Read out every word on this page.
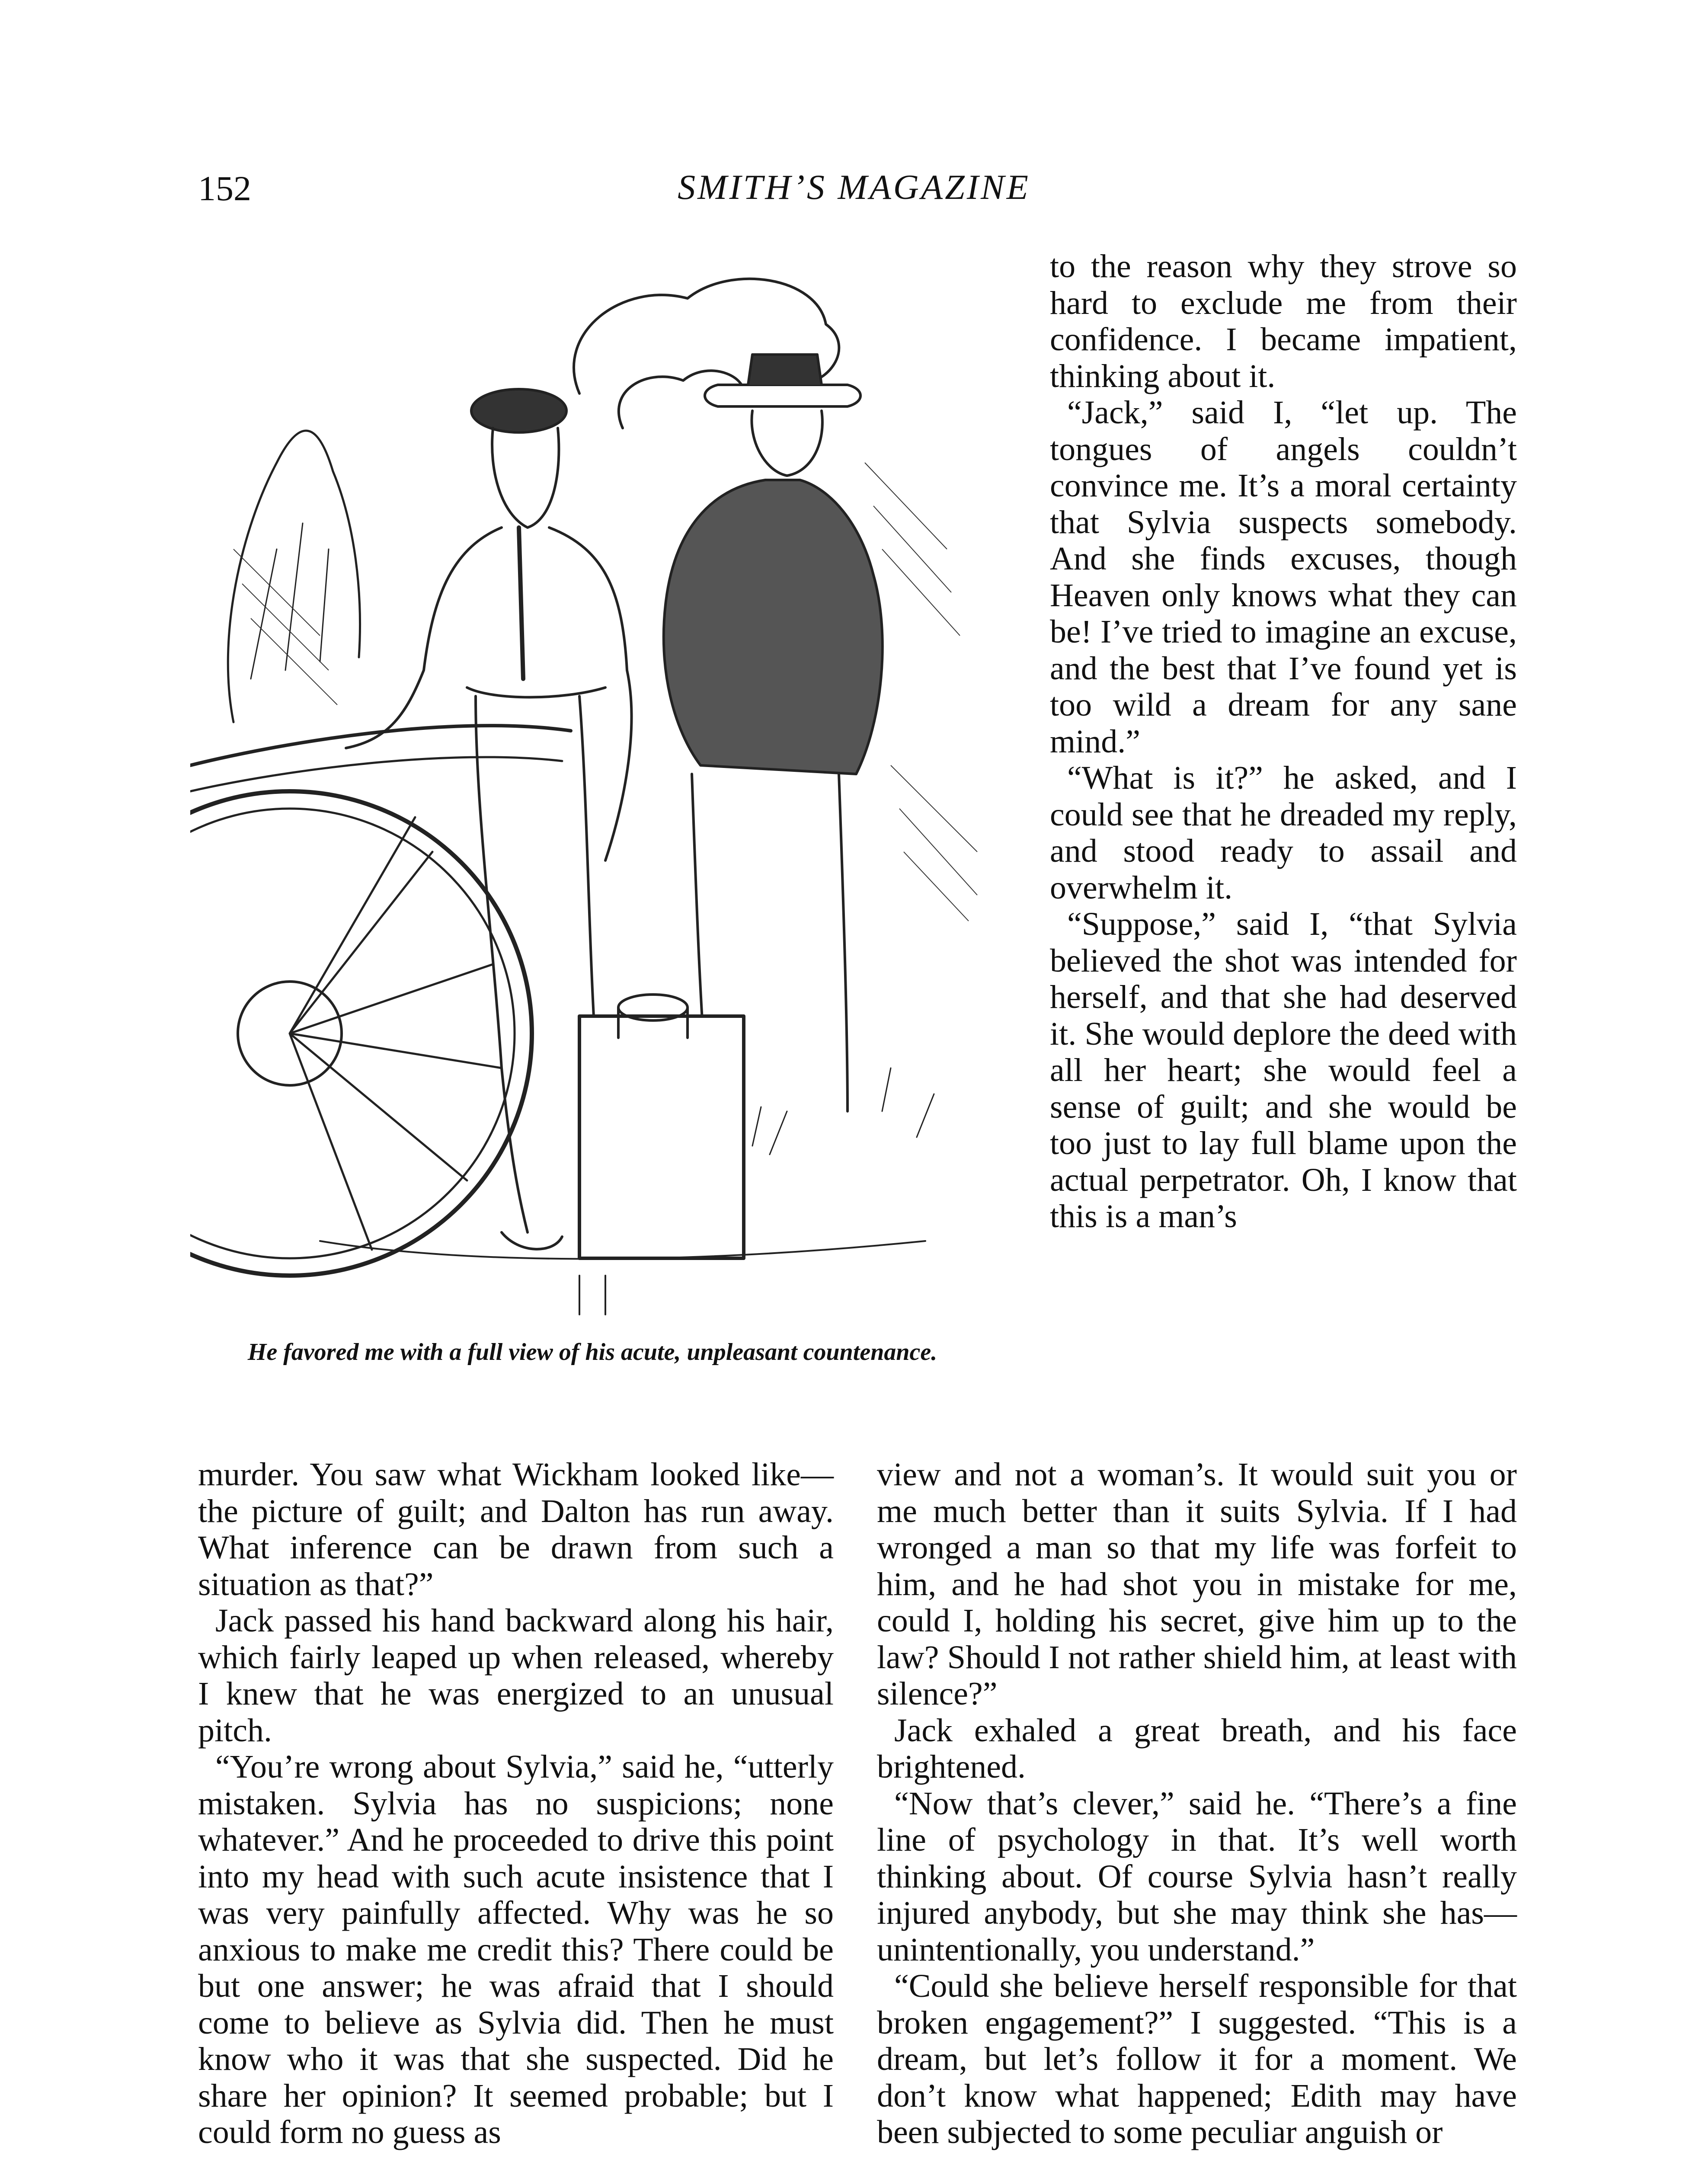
152	SMITH’S MAGAZINE
He favored me with a full view of his acute, unpleasant countenance.

to the reason why they strove so hard to exclude me from their confidence. I became impatient, thinking about it.

“Jack,” said I, “let up. The tongues of angels couldn’t convince me. It’s a moral certainty that Sylvia suspects somebody. And she finds excuses, though Heaven only knows what they can be! I’ve tried to imagine an excuse, and the best that I’ve found yet is too wild a dream for any sane mind.”

“What is it?” he asked, and I could see that he dreaded my reply, and stood ready to assail and overwhelm it.

“Suppose,” said I, “that Sylvia believed the shot was intended for herself, and that she had deserved it. She would deplore the deed with all her heart; she would feel a sense of guilt; and she would be too just to lay full blame upon the actual perpetrator. Oh, I know that this is a man’s

murder. You saw what Wickham looked like—the picture of guilt; and Dalton has run away. What inference can be drawn from such a situation as that?”

Jack passed his hand backward along his hair, which fairly leaped up when released, whereby I knew that he was energized to an unusual pitch.

“You’re wrong about Sylvia,” said he, “utterly mistaken. Sylvia has no suspicions; none whatever.” And he proceeded to drive this point into my head with such acute insistence that I was very painfully affected. Why was he so anxious to make me credit this? There could be but one answer; he was afraid that I should come to believe as Sylvia did. Then he must know who it was that she suspected. Did he share her opinion? It seemed probable; but I could form no guess as

view and not a woman’s. It would suit you or me much better than it suits Sylvia. If I had wronged a man so that my life was forfeit to him, and he had shot you in mistake for me, could I, holding his secret, give him up to the law? Should I not rather shield him, at least with silence?”

Jack exhaled a great breath, and his face brightened.

“Now that’s clever,” said he. “There’s a fine line of psychology in that. It’s well worth thinking about. Of course Sylvia hasn’t really injured anybody, but she may think she has—unintentionally, you understand.”

“Could she believe herself responsible for that broken engagement?” I suggested. “This is a dream, but let’s follow it for a moment. We don’t know what happened; Edith may have been subjected to some peculiar anguish or
